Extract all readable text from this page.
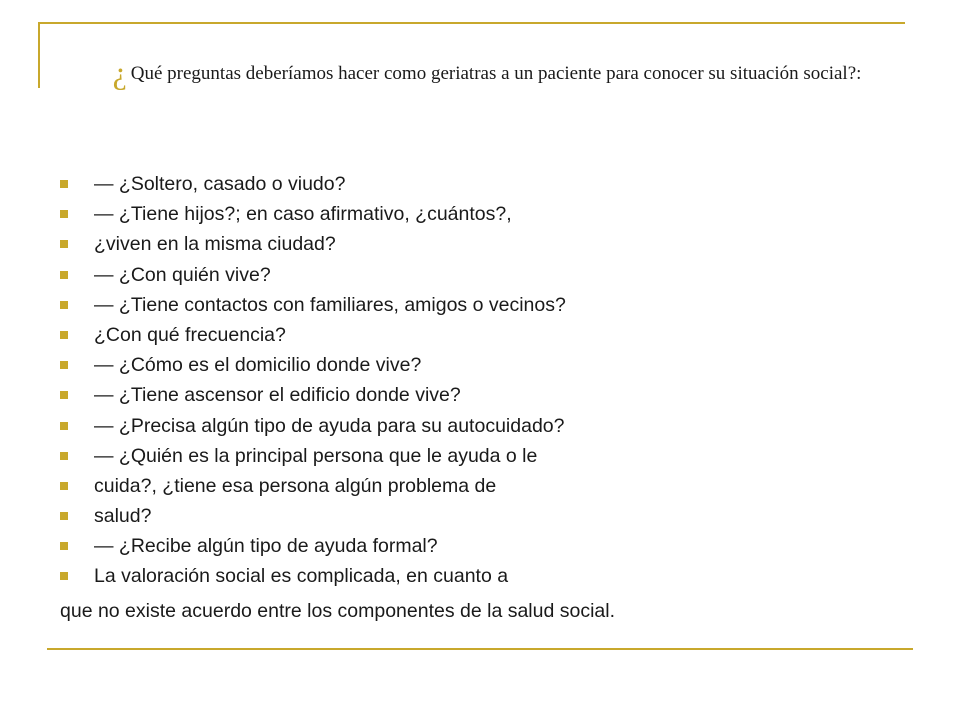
¿ Qué preguntas deberíamos hacer como geriatras a un paciente para conocer su situación social?:
— ¿Soltero, casado o viudo?
— ¿Tiene hijos?; en caso afirmativo, ¿cuántos?,
¿viven en la misma ciudad?
— ¿Con quién vive?
— ¿Tiene contactos con familiares, amigos o vecinos?
¿Con qué frecuencia?
— ¿Cómo es el domicilio donde vive?
— ¿Tiene ascensor el edificio donde vive?
— ¿Precisa algún tipo de ayuda para su autocuidado?
— ¿Quién es la principal persona que le ayuda o le
cuida?, ¿tiene esa persona algún problema de
salud?
— ¿Recibe algún tipo de ayuda formal?
La valoración social es complicada, en cuanto a
que no existe acuerdo entre los componentes de la salud social.
